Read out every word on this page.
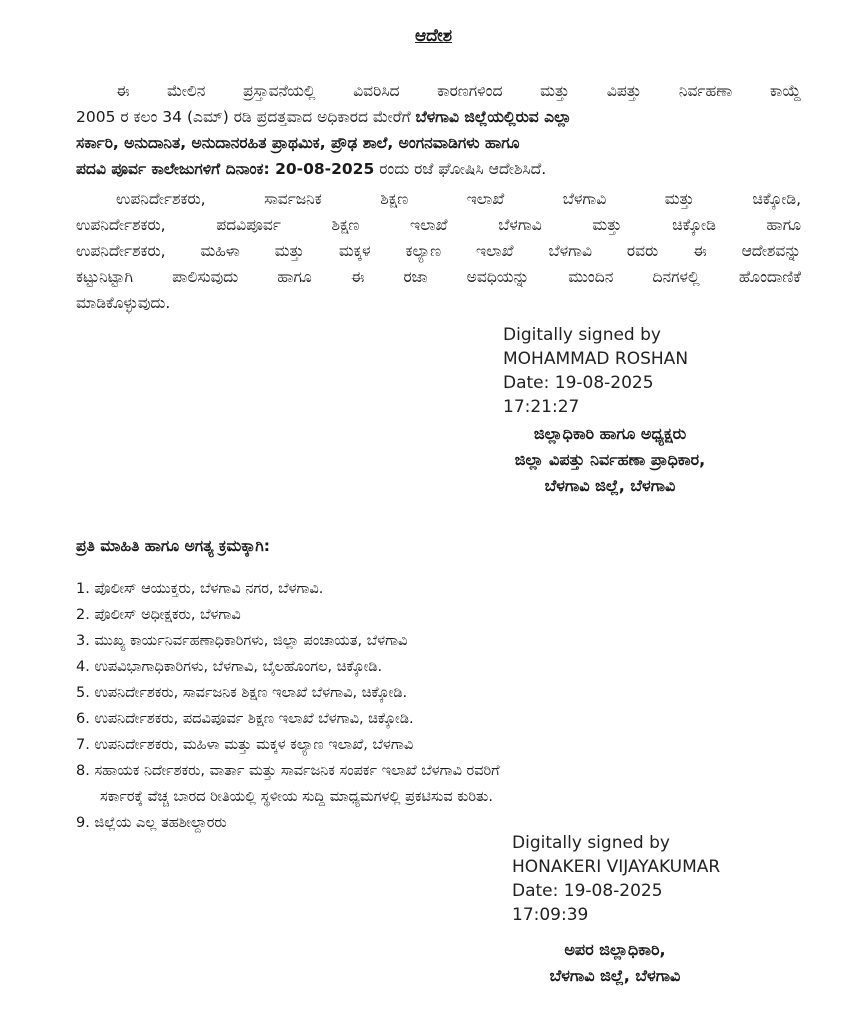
ಆದೇಶ
ಈ ಮೇಲಿನ ಪ್ರಸ್ತಾವನೆಯಲ್ಲಿ ವಿವರಿಸಿದ ಕಾರಣಗಳಿಂದ ಮತ್ತು ವಿಪತ್ತು ನಿರ್ವಹಣಾ ಕಾಯ್ದೆ
2005 ರ ಕಲಂ 34 (ಎಮ್) ರಡಿ ಪ್ರದತ್ತವಾದ ಅಧಿಕಾರದ ಮೇರೆಗೆ ಬೆಳಗಾವಿ ಜಿಲ್ಲೆಯಲ್ಲಿರುವ ಎಲ್ಲಾ
ಸರ್ಕಾರಿ, ಅನುದಾನಿತ, ಅನುದಾನರಹಿತ ಪ್ರಾಥಮಿಕ, ಪ್ರೌಢ ಶಾಲೆ, ಅಂಗನವಾಡಿಗಳು ಹಾಗೂ
ಪದವಿ ಪೂರ್ವ ಕಾಲೇಜುಗಳಿಗೆ ದಿನಾಂಕ: 20-08-2025 ರಂದು ರಜೆ ಘೋಷಿಸಿ ಆದೇಶಿಸಿದೆ.
ಉಪನಿರ್ದೇಶಕರು, ಸಾರ್ವಜನಿಕ ಶಿಕ್ಷಣ ಇಲಾಖೆ ಬೆಳಗಾವಿ ಮತ್ತು ಚಿಕ್ಕೋಡಿ,
ಉಪನಿರ್ದೇಶಕರು, ಪದವಿಪೂರ್ವ ಶಿಕ್ಷಣ ಇಲಾಖೆ ಬೆಳಗಾವಿ ಮತ್ತು ಚಿಕ್ಕೋಡಿ ಹಾಗೂ
ಉಪನಿರ್ದೇಶಕರು, ಮಹಿಳಾ ಮತ್ತು ಮಕ್ಕಳ ಕಲ್ಯಾಣ ಇಲಾಖೆ ಬೆಳಗಾವಿ ರವರು ಈ ಆದೇಶವನ್ನು
ಕಟ್ಟುನಿಟ್ಟಾಗಿ ಪಾಲಿಸುವುದು ಹಾಗೂ ಈ ರಜಾ ಅವಧಿಯನ್ನು ಮುಂದಿನ ದಿನಗಳಲ್ಲಿ ಹೊಂದಾಣಿಕೆ
ಮಾಡಿಕೊಳ್ಳುವುದು.
Digitally signed by
MOHAMMAD ROSHAN
Date: 19-08-2025
17:21:27
ಜಿಲ್ಲಾಧಿಕಾರಿ ಹಾಗೂ ಅಧ್ಯಕ್ಷರು
ಜಿಲ್ಲಾ ವಿಪತ್ತು ನಿರ್ವಹಣಾ ಪ್ರಾಧಿಕಾರ,
ಬೆಳಗಾವಿ ಜಿಲ್ಲೆ, ಬೆಳಗಾವಿ
ಪ್ರತಿ ಮಾಹಿತಿ ಹಾಗೂ ಅಗತ್ಯ ಕ್ರಮಕ್ಕಾಗಿ:
1. ಪೊಲೀಸ್ ಆಯುಕ್ತರು, ಬೆಳಗಾವಿ ನಗರ, ಬೆಳಗಾವಿ.
2. ಪೊಲೀಸ್ ಅಧೀಕ್ಷಕರು, ಬೆಳಗಾವಿ
3. ಮುಖ್ಯ ಕಾರ್ಯನಿರ್ವಹಣಾಧಿಕಾರಿಗಳು, ಜಿಲ್ಲಾ ಪಂಚಾಯತ, ಬೆಳಗಾವಿ
4. ಉಪವಿಭಾಗಾಧಿಕಾರಿಗಳು, ಬೆಳಗಾವಿ, ಬೈಲಹೊಂಗಲ, ಚಿಕ್ಕೋಡಿ.
5. ಉಪನಿರ್ದೇಶಕರು, ಸಾರ್ವಜನಿಕ ಶಿಕ್ಷಣ ಇಲಾಖೆ ಬೆಳಗಾವಿ, ಚಿಕ್ಕೋಡಿ.
6. ಉಪನಿರ್ದೇಶಕರು, ಪದವಿಪೂರ್ವ ಶಿಕ್ಷಣ ಇಲಾಖೆ ಬೆಳಗಾವಿ, ಚಿಕ್ಕೋಡಿ.
7. ಉಪನಿರ್ದೇಶಕರು, ಮಹಿಳಾ ಮತ್ತು ಮಕ್ಕಳ ಕಲ್ಯಾಣ ಇಲಾಖೆ, ಬೆಳಗಾವಿ
8. ಸಹಾಯಕ ನಿರ್ದೇಶಕರು, ವಾರ್ತಾ ಮತ್ತು ಸಾರ್ವಜನಿಕ ಸಂಪರ್ಕ ಇಲಾಖೆ ಬೆಳಗಾವಿ ರವರಿಗೆ
ಸರ್ಕಾರಕ್ಕೆ ವೆಚ್ಚ ಬಾರದ ರೀತಿಯಲ್ಲಿ ಸ್ಥಳೀಯ ಸುದ್ದಿ ಮಾಧ್ಯಮಗಳಲ್ಲಿ ಪ್ರಕಟಿಸುವ ಕುರಿತು.
9. ಜಿಲ್ಲೆಯ ಎಲ್ಲ ತಹಶೀಲ್ದಾರರು
Digitally signed by
HONAKERI VIJAYAKUMAR
Date: 19-08-2025
17:09:39
ಅಪರ ಜಿಲ್ಲಾಧಿಕಾರಿ,
ಬೆಳಗಾವಿ ಜಿಲ್ಲೆ, ಬೆಳಗಾವಿ
